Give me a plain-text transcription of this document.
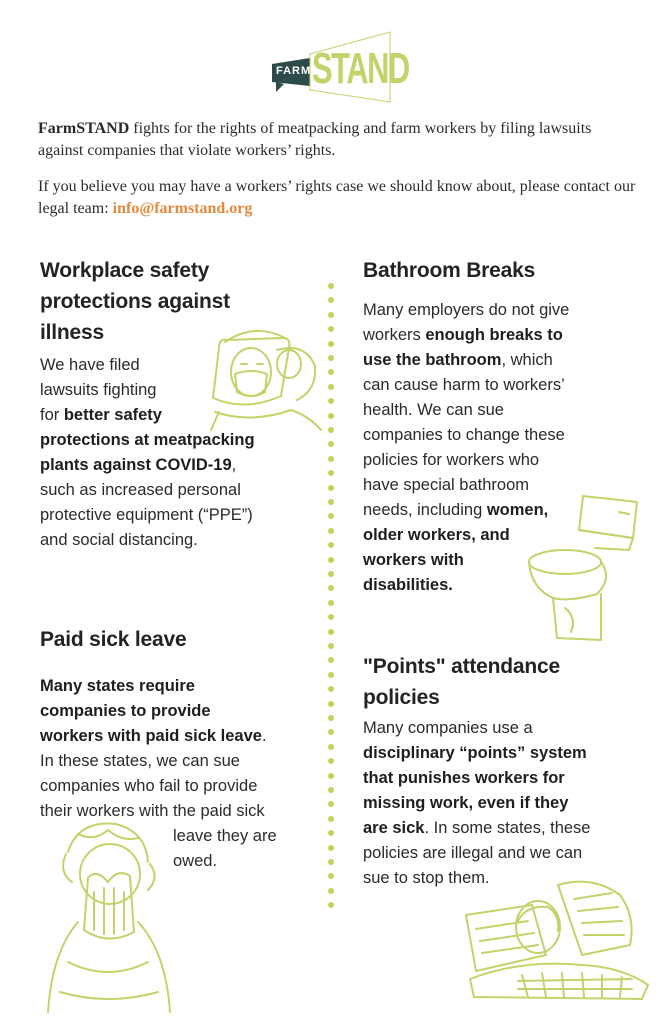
FARM STAND

FarmSTAND fights for the rights of meatpacking and farm workers by filing lawsuits against companies that violate workers’ rights.

If you believe you may have a workers’ rights case we should know about, please contact our legal team: info@farmstand.org

Workplace safety
protections against
illness

We have filed
lawsuits fighting
for better safety
protections at meatpacking
plants against COVID-19,
such as increased personal
protective equipment (“PPE”)
and social distancing.

Bathroom Breaks

Many employers do not give
workers enough breaks to
use the bathroom, which
can cause harm to workers’
health. We can sue
companies to change these
policies for workers who
have special bathroom
needs, including women,
older workers, and
workers with
disabilities.

Paid sick leave

Many states require
companies to provide
workers with paid sick leave.
In these states, we can sue
companies who fail to provide
their workers with the paid sick
leave they are
owed.

"Points" attendance
policies

Many companies use a
disciplinary “points” system
that punishes workers for
missing work, even if they
are sick. In some states, these
policies are illegal and we can
sue to stop them.
